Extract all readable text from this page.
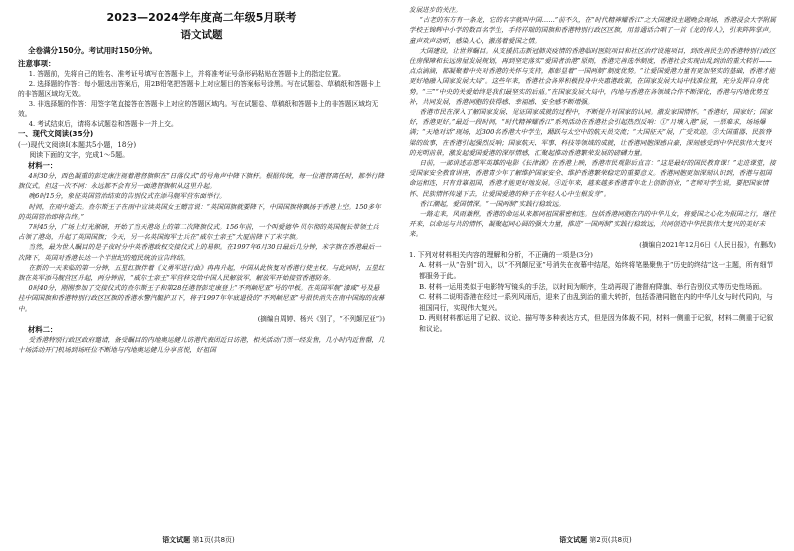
2023—2024学年度高二年级5月联考
语文试题
全卷满分150分。考试用时150分钟。
注意事项：

1. 答题前，先将自己的姓名、准考证号填写在答题卡上，并将准考证号条形码粘贴在答题卡上的指定位置。

2. 选择题的作答：每小题选出答案后，用2B铅笔把答题卡上对应题目的答案标号涂黑。写在试题卷、草稿纸和答题卡上的非答题区域均无效。

3. 非选择题的作答：用签字笔直接答在答题卡上对应的答题区域内。写在试题卷、草稿纸和答题卡上的非答题区域均无效。

4. 考试结束后，请将本试题卷和答题卡一并上交。

一、现代文阅读(35分)
(一)现代文阅读Ⅰ(本题共5小题，18分)
阅读下面的文字，完成1～5题。
材料一：

4时30分，西色凝重的彭定康注视着港督旗帜在“日落仪式”的号角声中降下旗杆。根据传统，每一位港督离任时，都举行降旗仪式。但这一次不同：永远都不会有另一面港督旗帜从这里升起。

晚6时15分，象征英国管治结束的告别仪式在添马舰军营东面举行。

时间，在雨中逝去。查尔斯王子在雨中宣读英国女王赠言说：“英国国旗就要降下，中国国旗将飘扬于香港上空。150多年的英国管治即将告终。”

7时45分，广场上灯光渐暗，开始了当天港岛上的第二次降旗仪式。156年前，一个叫爱德华·贝尔彻的英国舰长带领士兵占领了港岛，升起了英国国旗；今天，另一名英国海军士兵在“威尔士亲王”大厦前降下了米字旗。

当然，最为世人瞩目的是子夜时分中英香港政权交接仪式上的易帜。在1997年6月30日最后几分钟，米字旗在香港最后一次降下，英国对香港长达一个半世纪的殖民统治宣告终结。

在新的一天来临的第一分钟，五星红旗伴着《义勇军进行曲》冉冉升起，中国从此恢复对香港行使主权。与此同时，五星红旗在英军添马舰营区升起，两分钟前，“威尔士亲王”军营移交给中国人民解放军，解放军开始接管香港防务。

0时40分，刚刚参加了交接仪式的查尔斯王子和第28任港督彭定康登上“不列颠尼亚”号的甲板。在英国军舰“漆咸”号及悬挂中国国旗和香港特别行政区区旗的香港水警汽艇护卫下，将于1997年年底退役的“不列颠尼亚”号很快消失在南中国海的夜幕中。

(摘编自周婷、杨兴《别了，“不列颠尼亚”》)
材料二：

受香港特别行政区政府邀请，备受瞩目的内地奥运健儿访港代表团近日访港，相关活动门票一经发售，几小时内近售罄，几十场活动开门机场到场旺位不断地与内地奥运健儿分享喜悦，好祖国

语文试题 第1页(共8页)

发展进步的关注。

“古老的东方有一条龙，它的名字就叫中国……”前不久，在“时代精神耀香江”之大国建设主题晚会现场，香港浸会大学附属学校王锦辉中小学的数百名学生，手持祥瑞的国旗和香港特别行政区区旗，用普通话合唱了一首《龙的传人》，引来阵阵掌声。童声欢声动听，感染人心，激荡着爱国之情。

大国建设，让世界瞩目。从支援抗击新冠肺炎疫情的香港临时医院项目和社区治疗设施项目，到改善民生的香港特别行政区住房保障和长远房屋发展规划，再到坚定落实“爱国者治港”原则，香港完善选举制度，香港社会实现由乱到治的重大转折——点点滴滴，都凝聚着中央对香港的关怀与支持，都彰显着“一国两制”制度优势。“让爱国爱港力量有更加坚实的基础，香港才能更好地融入国家发展大局”。这些年来，香港社会各界积极投身中央惠港政策，在国家发展大局中找准位置，充分发挥自身优势。“三”“中央的关爱始终是我们最坚实的后盾。”在国家发展大局中，内地与香港在各领域合作不断深化，香港与内地优势互补，共同发展，香港同胞的获得感、幸福感、安全感不断增强。

香港市民在深入了解国家发展、见证国家成就的过程中，不断提升对国家的认同。激发家国情怀。“香港好，国家好；国家好，香港更好。”最近一段时间，“时代精神耀香江”系列活动在香港社会引起热烈反响：①“月壤入港”展，一票难求，场场爆满；“天地对话”现场，近300名香港大中学生，踊跃与太空中的航天员交流；“大国征天”展，广受欢迎。②大国重器、民族脊梁的故事，在香港引起强烈反响；国家航天、军事、科技等领域的成就，让香港同胞深感自豪，深刻感受到中华民族伟大复兴的光明前景，激发起爱国爱港的深厚情感，汇聚起推动香港繁荣发展的磅礴力量。

日前，一部讲述志愿军英雄的电影《长津湖》在香港上映，香港市民观影后直言：“这是最好的国民教育课！”走进课堂，接受国家安全教育讲座，香港青少年了解维护国家安全、维护香港繁荣稳定的重要意义。香港同胞更加深刻认识到，香港与祖国命运相连，只有背靠祖国，香港才能更好地发展。④近年来，越来越多香港青年北上创新创业，“老师对学生说，要把国家情怀、民族情怀传递下去，让爱国爱港的种子在年轻人心中生根发芽”。

香江潮起，爱国情深。“一国两制”实践行稳致远。

一路走来，风雨兼程，香港的命运从来都同祖国紧密相连。包括香港同胞在内的中华儿女，将爱国之心化为报国之行，继往开来，以命运与共的情怀，凝聚起同心圆的强大力量，推进“一国两制”实践行稳致远，共同创造中华民族伟大复兴的美好未来。

(摘编自2021年12月6日《人民日报》，有删改)
1. 下列对材料相关内容的理解和分析，不正确的一项是(3分)
A. 材料一从“告别”切入，以“不列颠尼亚”号消失在夜幕中结尾，始终将笔墨聚焦于“历史的终结”这一主题，所有细节都服务于此。
B. 材料一运用类似于电影特写镜头的手法，以时间为顺序，生动再现了港督府降旗、举行告别仪式等历史性场面。
C. 材料二说明香港在经过一系列风雨后，迎来了由乱到治的重大转折，包括香港同胞在内的中华儿女与时代同向，与祖国同行，实现伟大复兴。
D. 两则材料都运用了记叙、议论、描写等多种表达方式，但是因为体裁不同，材料一侧重于记叙，材料二侧重于记叙和议论。
语文试题 第2页(共8页)
